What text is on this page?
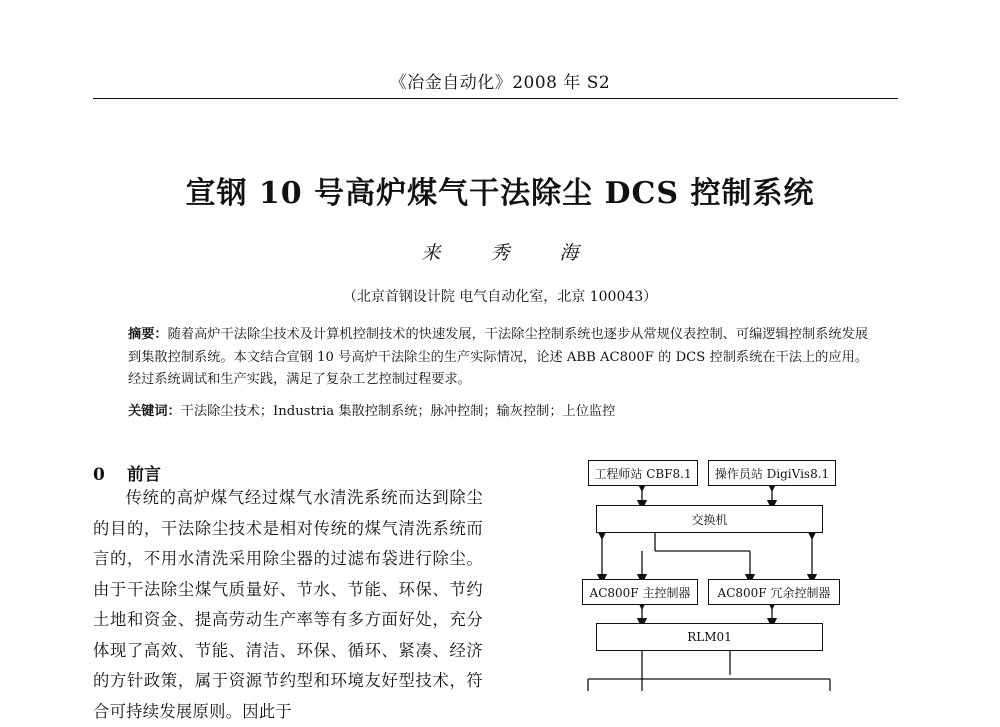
《冶金自动化》2008 年 S2
宣钢 10 号高炉煤气干法除尘 DCS 控制系统
来 秀 海
（北京首钢设计院 电气自动化室，北京 100043）
摘要：随着高炉干法除尘技术及计算机控制技术的快速发展，干法除尘控制系统也逐步从常规仪表控制、可编逻辑控制系统发展到集散控制系统。本文结合宣钢 10 号高炉干法除尘的生产实际情况，论述 ABB AC800F 的 DCS 控制系统在干法上的应用。经过系统调试和生产实践，满足了复杂工艺控制过程要求。
关键词：干法除尘技术；Industria 集散控制系统；脉冲控制；输灰控制；上位监控
0 前言
传统的高炉煤气经过煤气水清洗系统而达到除尘的目的，干法除尘技术是相对传统的煤气清洗系统而言的，不用水清洗采用除尘器的过滤布袋进行除尘。由于干法除尘煤气质量好、节水、节能、环保、节约土地和资金、提高劳动生产率等有多方面好处，充分体现了高效、节能、清洁、环保、循环、紧凑、经济的方针政策，属于资源节约型和环境友好型技术，符合可持续发展原则。因此于
工程师站 CBF8.1	操作员站 DigiVis8.1
交换机
AC800F 主控制器	AC800F 冗余控制器
RLM01
